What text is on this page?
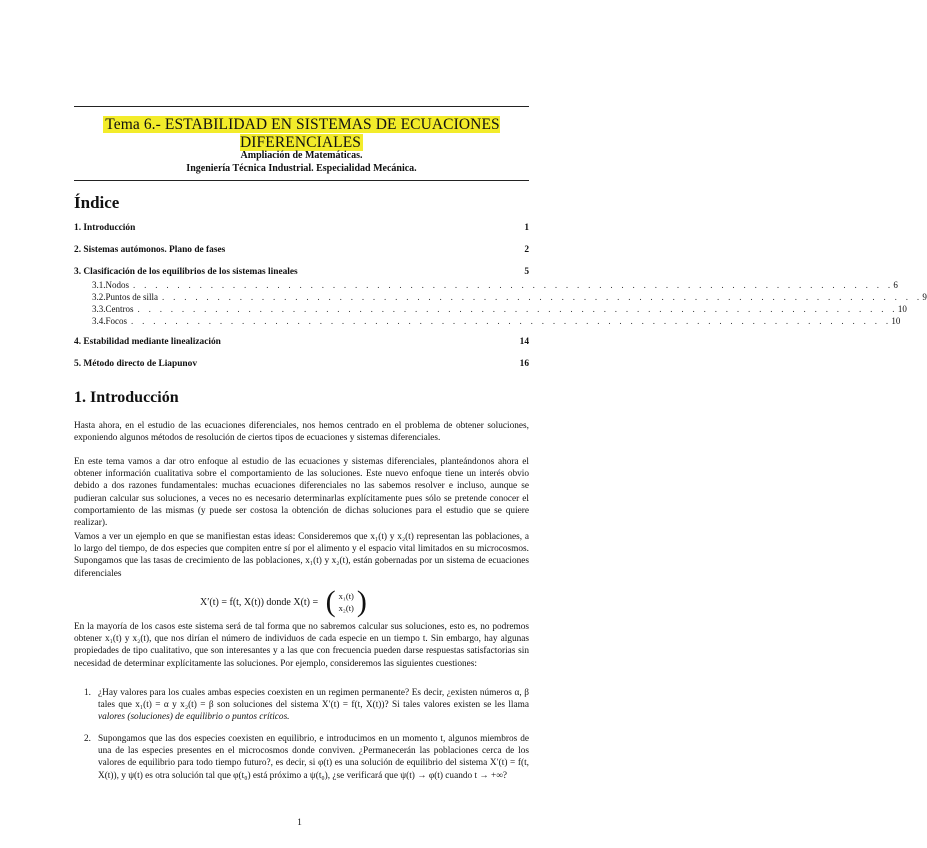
Tema 6.- ESTABILIDAD EN SISTEMAS DE ECUACIONES DIFERENCIALES
Ampliación de Matemáticas.
Ingeniería Técnica Industrial. Especialidad Mecánica.
Índice
1. Introducción	1
2. Sistemas autómonos. Plano de fases	2
3. Clasificación de los equilibrios de los sistemas lineales	5
3.1. Nodos . . . . . . . . . . . . . . . . . . . . . . . . . . . . . . . . . . . . . . . . . . . . . . . . . . . . . . . . . . . . . . . . . . . . . 6
3.2. Puntos de silla . . . . . . . . . . . . . . . . . . . . . . . . . . . . . . . . . . . . . . . . . . . . . . . . . . . . . . . . . . . . . . . . . . . . . 9
3.3. Centros . . . . . . . . . . . . . . . . . . . . . . . . . . . . . . . . . . . . . . . . . . . . . . . . . . . . . . . . . . . . . . . . . . . . . 10
3.4. Focos . . . . . . . . . . . . . . . . . . . . . . . . . . . . . . . . . . . . . . . . . . . . . . . . . . . . . . . . . . . . . . . . . . . . . 10
4. Estabilidad mediante linealización	14
5. Método directo de Liapunov	16
1. Introducción

Hasta ahora, en el estudio de las ecuaciones diferenciales, nos hemos centrado en el problema de obtener soluciones, exponiendo algunos métodos de resolución de ciertos tipos de ecuaciones y sistemas diferenciales.

En este tema vamos a dar otro enfoque al estudio de las ecuaciones y sistemas diferenciales, planteándonos ahora el obtener información cualitativa sobre el comportamiento de las soluciones. Este nuevo enfoque tiene un interés obvio debido a dos razones fundamentales: muchas ecuaciones diferenciales no las sabemos resolver e incluso, aunque se pudieran calcular sus soluciones, a veces no es necesario determinarlas explícitamente pues sólo se pretende conocer el comportamiento de las mismas (y puede ser costosa la obtención de dichas soluciones para el estudio que se quiere realizar).

Vamos a ver un ejemplo en que se manifiestan estas ideas: Consideremos que x₁(t) y x₂(t) representan las poblaciones, a lo largo del tiempo, de dos especies que compiten entre sí por el alimento y el espacio vital limitados en su microcosmos. Supongamos que las tasas de crecimiento de las poblaciones, x₁(t) y x₂(t), están gobernadas por un sistema de ecuaciones diferenciales

X′(t) = f(t, X(t)) donde X(t) = ( x₁(t)
x₂(t) )

En la mayoría de los casos este sistema será de tal forma que no sabremos calcular sus soluciones, esto es, no podremos obtener x₁(t) y x₂(t), que nos dirían el número de individuos de cada especie en un tiempo t. Sin embargo, hay algunas propiedades de tipo cualitativo, que son interesantes y a las que con frecuencia pueden darse respuestas satisfactorias sin necesidad de determinar explícitamente las soluciones. Por ejemplo, consideremos las siguientes cuestiones:

1. ¿Hay valores para los cuales ambas especies coexisten en un regimen permanente? Es decir, ¿existen números α, β tales que x₁(t) = α y x₂(t) = β son soluciones del sistema X′(t) = f(t, X(t))? Si tales valores existen se les llama valores (soluciones) de equilibrio o puntos críticos.
2. Supongamos que las dos especies coexisten en equilibrio, e introducimos en un momento t, algunos miembros de una de las especies presentes en el microcosmos donde conviven. ¿Permanecerán las poblaciones cerca de los valores de equilibrio para todo tiempo futuro?, es decir, si φ(t) es una solución de equilibrio del sistema X′(t) = f(t, X(t)), y ψ(t) es otra solución tal que φ(t₀) está próximo a ψ(t₀), ¿se verificará que ψ(t) → φ(t) cuando t → +∞?
1
